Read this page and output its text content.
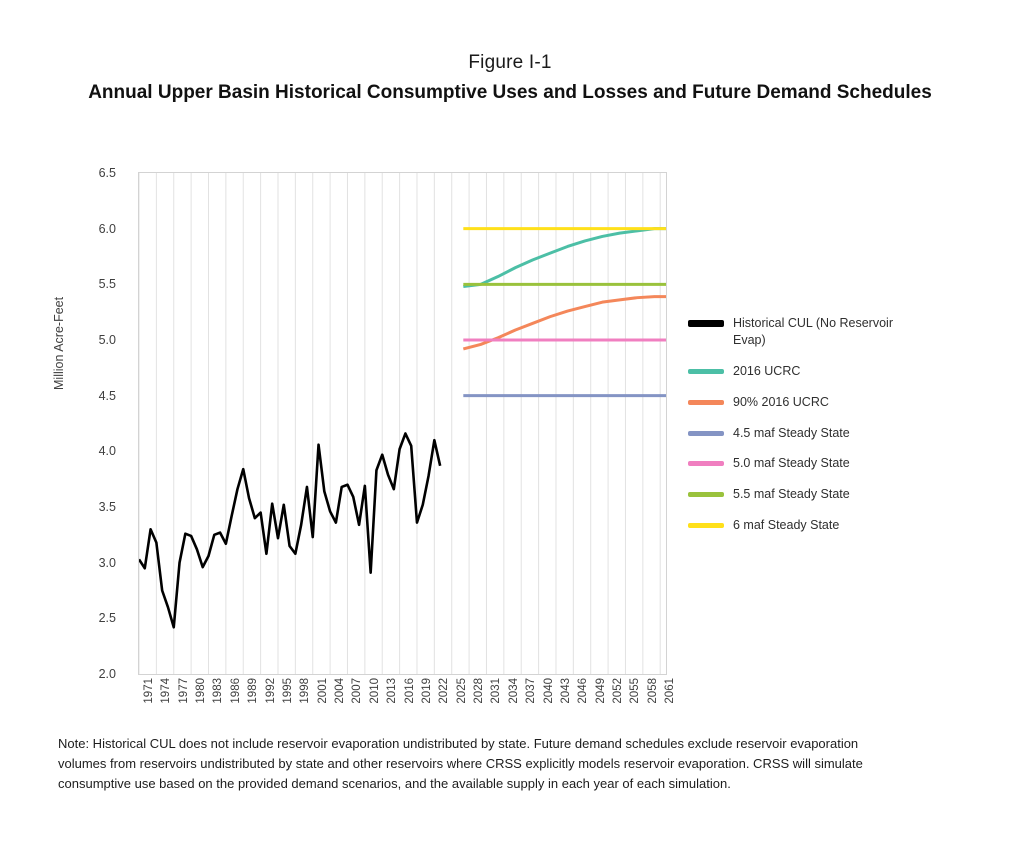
Figure I-1
Annual Upper Basin Historical Consumptive Uses and Losses and Future Demand Schedules
Million Acre-Feet
2.0
2.5
3.0
3.5
4.0
4.5
5.0
5.5
6.0
6.5
1971 1974 1977 1980 1983 1986 1989 1992 1995 1998 2001 2004 2007 2010 2013 2016 2019 2022 2025 2028 2031 2034 2037 2040 2043 2046 2049 2052 2055 2058 2061
Historical CUL (No Reservoir Evap)
2016 UCRC
90% 2016 UCRC
4.5 maf Steady State
5.0 maf Steady State
5.5 maf Steady State
6 maf Steady State
Note: Historical CUL does not include reservoir evaporation undistributed by state. Future demand schedules exclude reservoir evaporation volumes from reservoirs undistributed by state and other reservoirs where CRSS explicitly models reservoir evaporation. CRSS will simulate consumptive use based on the provided demand scenarios, and the available supply in each year of each simulation.
